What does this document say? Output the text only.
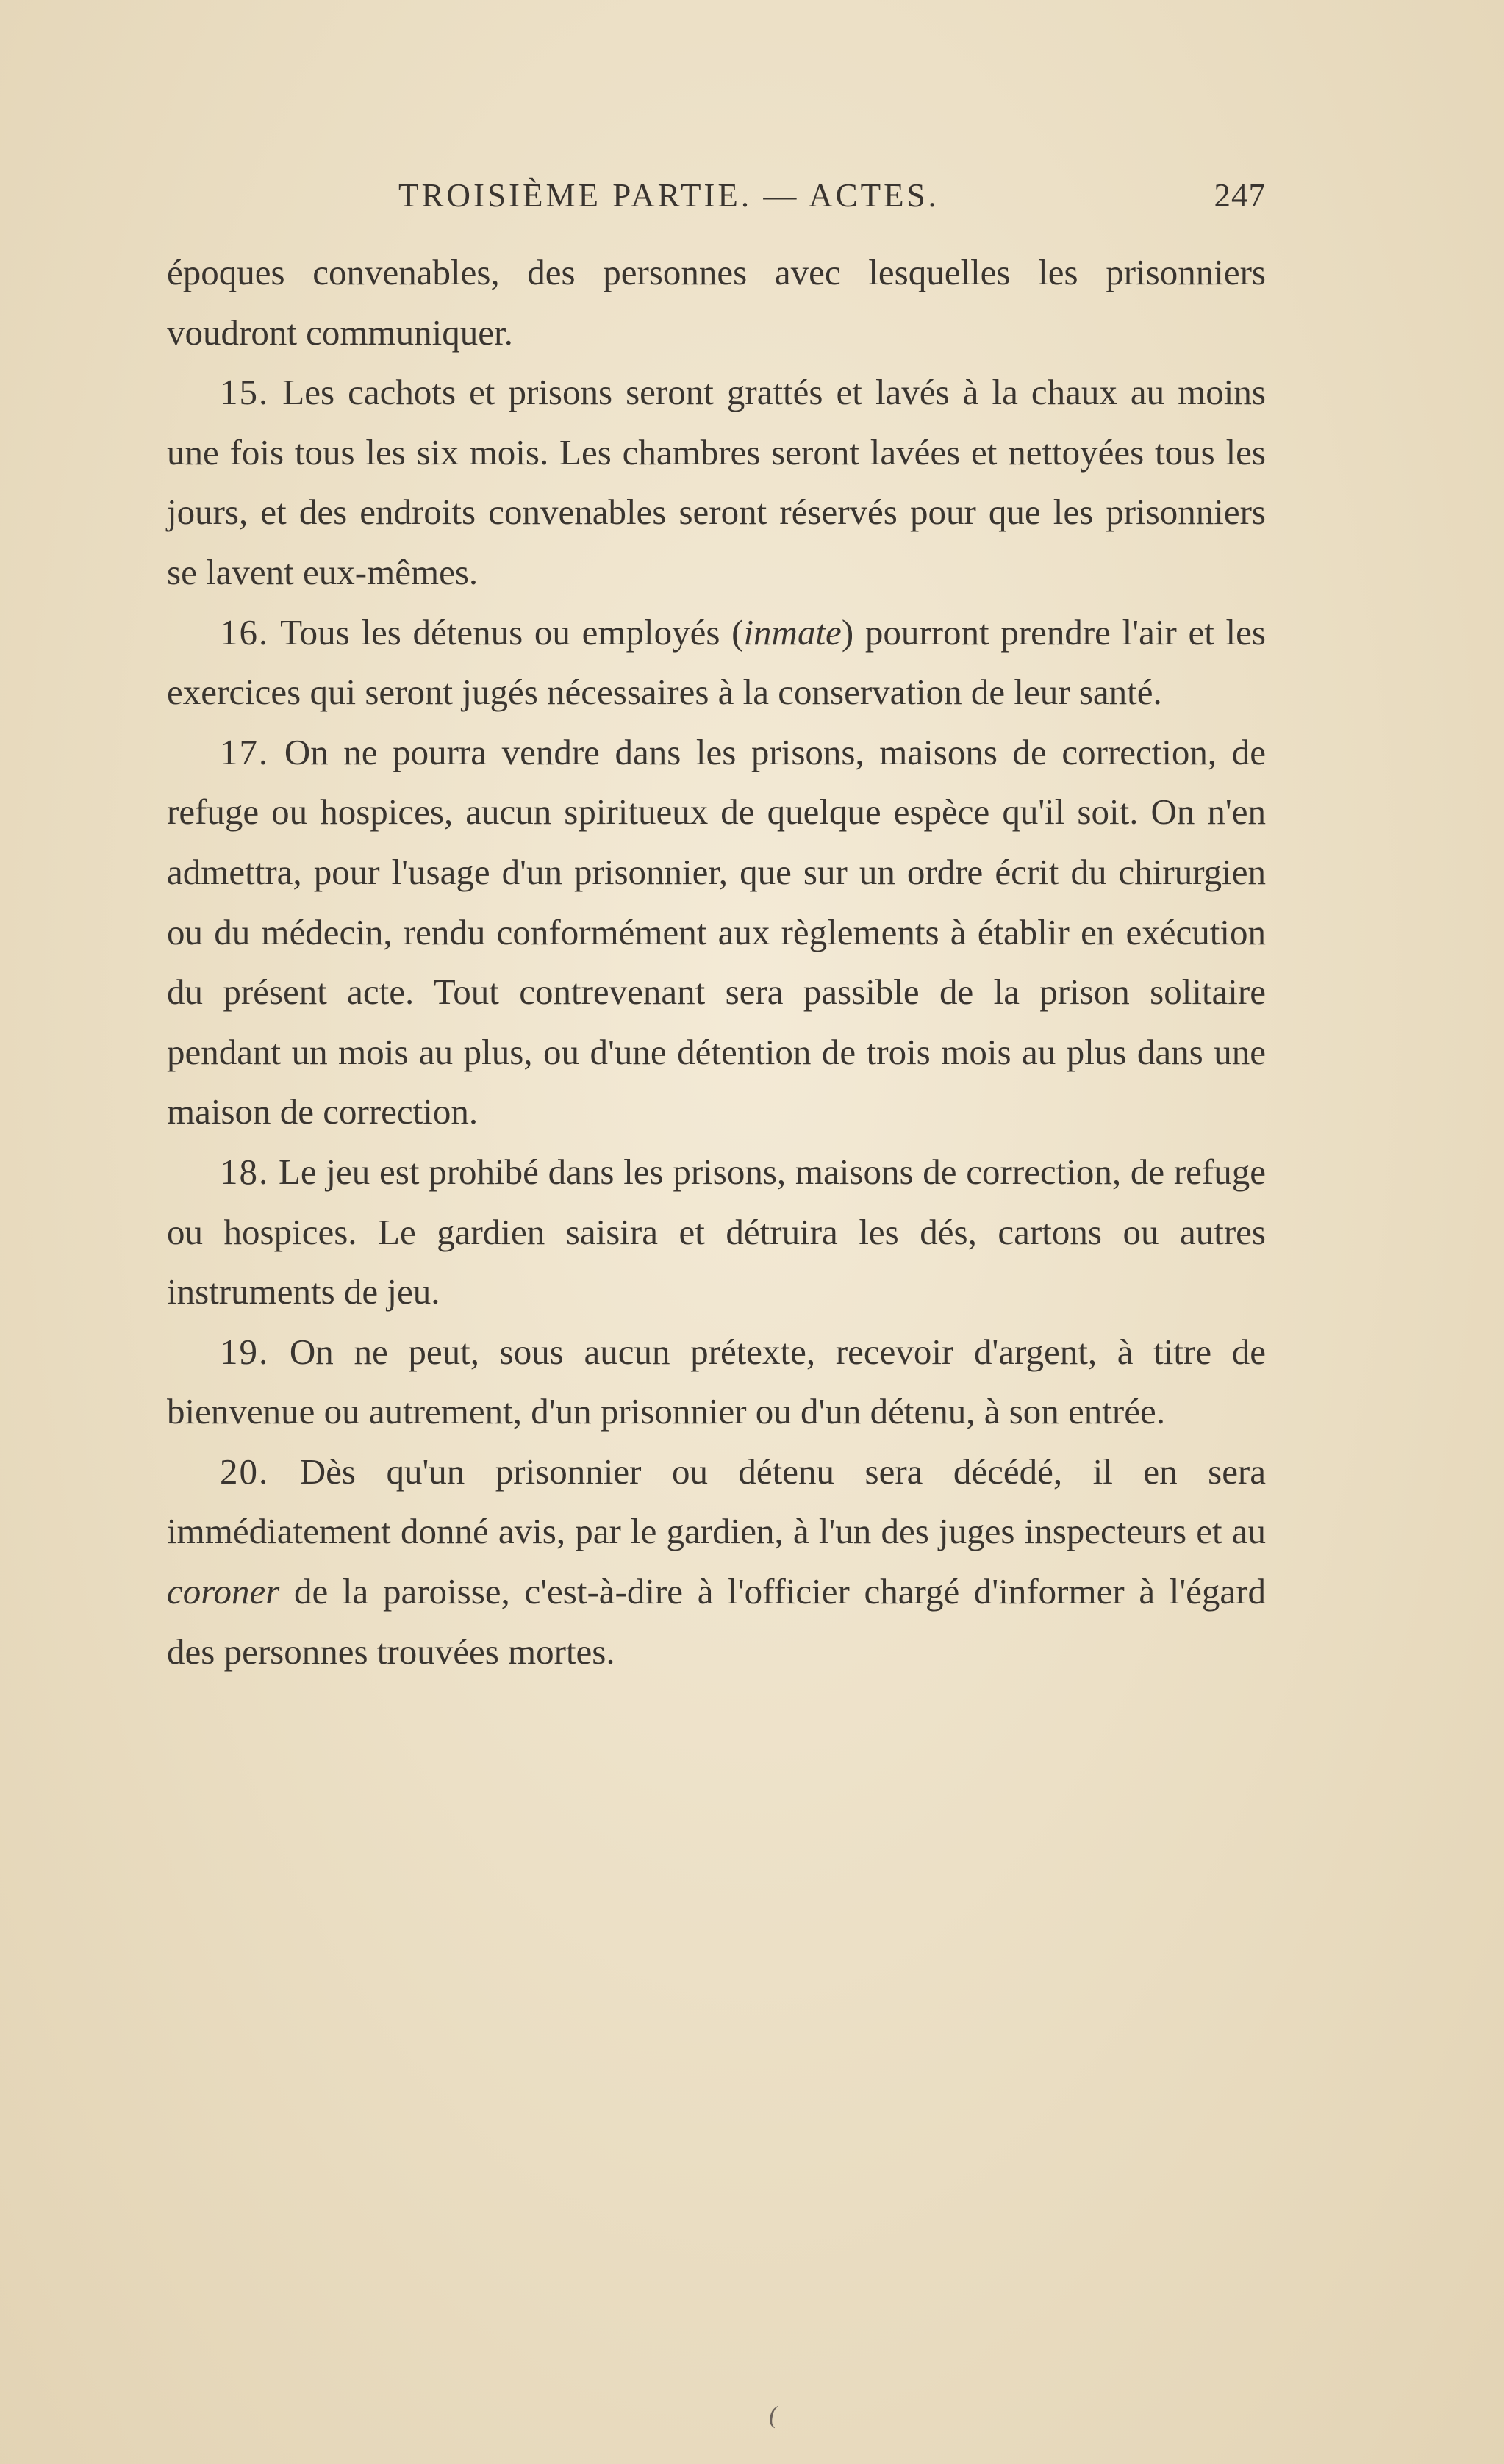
TROISIÈME PARTIE. — ACTES.	247

époques convenables, des personnes avec lesquelles les prisonniers voudront communiquer.

15. Les cachots et prisons seront grattés et lavés à la chaux au moins une fois tous les six mois. Les chambres seront lavées et nettoyées tous les jours, et des endroits convenables seront réservés pour que les prisonniers se lavent eux-mêmes.

16. Tous les détenus ou employés (inmate) pourront prendre l'air et les exercices qui seront jugés nécessaires à la conservation de leur santé.

17. On ne pourra vendre dans les prisons, maisons de correction, de refuge ou hospices, aucun spiritueux de quelque espèce qu'il soit. On n'en admettra, pour l'usage d'un prisonnier, que sur un ordre écrit du chirurgien ou du médecin, rendu conformément aux règlements à établir en exécution du présent acte. Tout contrevenant sera passible de la prison solitaire pendant un mois au plus, ou d'une détention de trois mois au plus dans une maison de correction.

18. Le jeu est prohibé dans les prisons, maisons de correction, de refuge ou hospices. Le gardien saisira et détruira les dés, cartons ou autres instruments de jeu.

19. On ne peut, sous aucun prétexte, recevoir d'argent, à titre de bienvenue ou autrement, d'un prisonnier ou d'un détenu, à son entrée.

20. Dès qu'un prisonnier ou détenu sera décédé, il en sera immédiatement donné avis, par le gardien, à l'un des juges inspecteurs et au coroner de la paroisse, c'est-à-dire à l'officier chargé d'informer à l'égard des personnes trouvées mortes.

(
